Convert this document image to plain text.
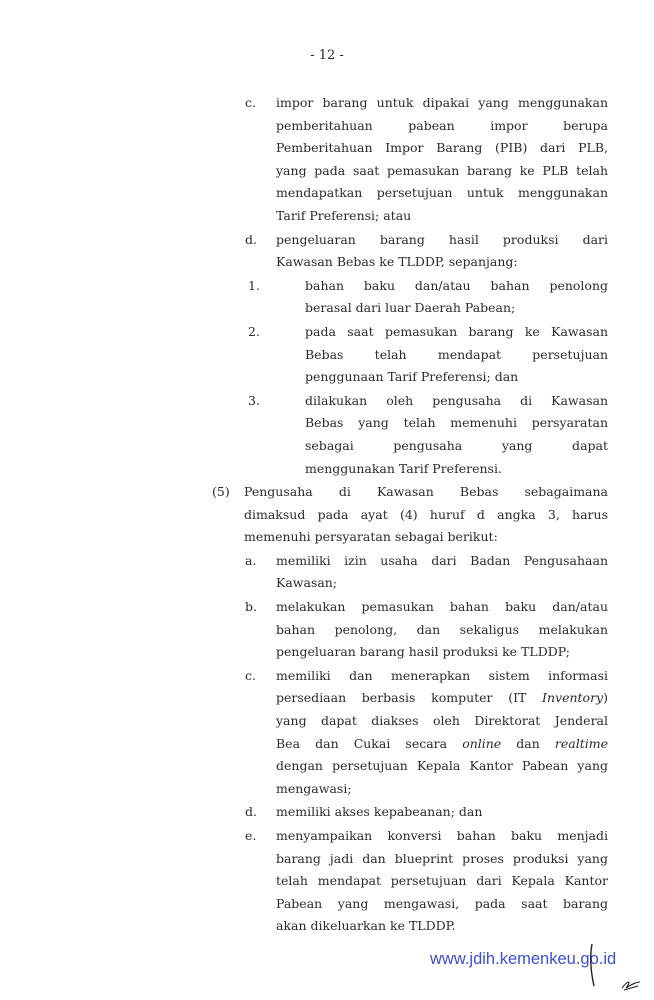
- 12 -
c. impor barang untuk dipakai yang menggunakan
pemberitahuan pabean impor berupa
Pemberitahuan Impor Barang (PIB) dari PLB,
yang pada saat pemasukan barang ke PLB telah
mendapatkan persetujuan untuk menggunakan
Tarif Preferensi; atau
d. pengeluaran barang hasil produksi dari
Kawasan Bebas ke TLDDP, sepanjang:
1.	bahan baku dan/atau bahan penolong
berasal dari luar Daerah Pabean;
2.	pada saat pemasukan barang ke Kawasan
Bebas telah mendapat persetujuan
penggunaan Tarif Preferensi; dan
3.	dilakukan oleh pengusaha di Kawasan
Bebas yang telah memenuhi persyaratan
sebagai pengusaha yang dapat
menggunakan Tarif Preferensi.
(5) Pengusaha di Kawasan Bebas sebagaimana
dimaksud pada ayat (4) huruf d angka 3, harus
memenuhi persyaratan sebagai berikut:
a. memiliki izin usaha dari Badan Pengusahaan
Kawasan;
b. melakukan pemasukan bahan baku dan/atau
bahan penolong, dan sekaligus melakukan
pengeluaran barang hasil produksi ke TLDDP;
c. memiliki dan menerapkan sistem informasi
persediaan berbasis komputer (IT Inventory)
yang dapat diakses oleh Direktorat Jenderal
Bea dan Cukai secara online dan realtime
dengan persetujuan Kepala Kantor Pabean yang
mengawasi;
d. memiliki akses kepabeanan; dan
e. menyampaikan konversi bahan baku menjadi
barang jadi dan blueprint proses produksi yang
telah mendapat persetujuan dari Kepala Kantor
Pabean yang mengawasi, pada saat barang
akan dikeluarkan ke TLDDP.
www.jdih.kemenkeu.go.id
